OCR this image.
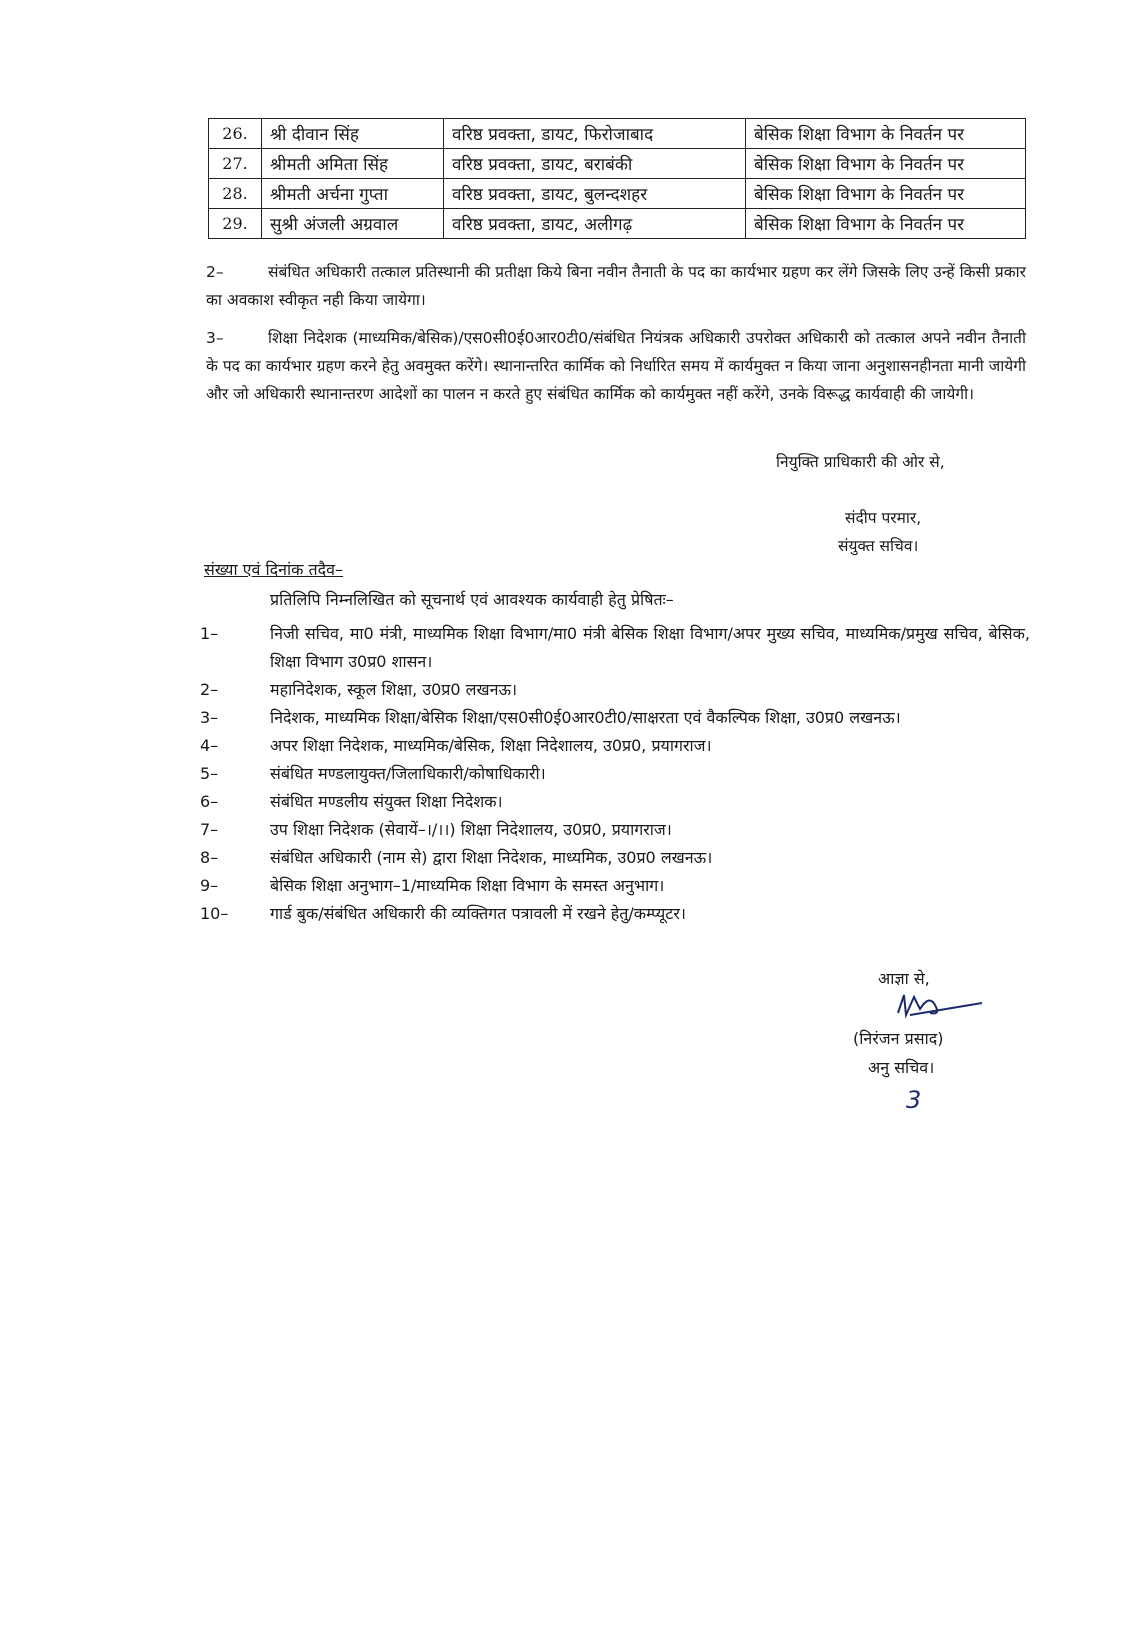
26.	श्री दीवान सिंह	वरिष्ठ प्रवक्ता, डायट, फिरोजाबाद	बेसिक शिक्षा विभाग के निवर्तन पर
27.	श्रीमती अमिता सिंह	वरिष्ठ प्रवक्ता, डायट, बराबंकी	बेसिक शिक्षा विभाग के निवर्तन पर
28.	श्रीमती अर्चना गुप्ता	वरिष्ठ प्रवक्ता, डायट, बुलन्दशहर	बेसिक शिक्षा विभाग के निवर्तन पर
29.	सुश्री अंजली अग्रवाल	वरिष्ठ प्रवक्ता, डायट, अलीगढ़	बेसिक शिक्षा विभाग के निवर्तन पर
2–	संबंधित अधिकारी तत्काल प्रतिस्थानी की प्रतीक्षा किये बिना नवीन तैनाती के पद का कार्यभार ग्रहण कर लेंगे जिसके लिए उन्हें किसी प्रकार का अवकाश स्वीकृत नही किया जायेगा।
3–	शिक्षा निदेशक (माध्यमिक/बेसिक)/एस0सी0ई0आर0टी0/संबंधित नियंत्रक अधिकारी उपरोक्त अधिकारी को तत्काल अपने नवीन तैनाती के पद का कार्यभार ग्रहण करने हेतु अवमुक्त करेंगे। स्थानान्तरित कार्मिक को निर्धारित समय में कार्यमुक्त न किया जाना अनुशासनहीनता मानी जायेगी और जो अधिकारी स्थानान्तरण आदेशों का पालन न करते हुए संबंधित कार्मिक को कार्यमुक्त नहीं करेंगे, उनके विरूद्ध कार्यवाही की जायेगी।
नियुक्ति प्राधिकारी की ओर से,
संदीप परमार,
संयुक्त सचिव।
संख्या एवं दिनांक तदैव–
प्रतिलिपि निम्नलिखित को सूचनार्थ एवं आवश्यक कार्यवाही हेतु प्रेषितः–
1–	निजी सचिव, मा0 मंत्री, माध्यमिक शिक्षा विभाग/मा0 मंत्री बेसिक शिक्षा विभाग/अपर मुख्य सचिव, माध्यमिक/प्रमुख सचिव, बेसिक, शिक्षा विभाग उ0प्र0 शासन।
2–	महानिदेशक, स्कूल शिक्षा, उ0प्र0 लखनऊ।
3–	निदेशक, माध्यमिक शिक्षा/बेसिक शिक्षा/एस0सी0ई0आर0टी0/साक्षरता एवं वैकल्पिक शिक्षा, उ0प्र0 लखनऊ।
4–	अपर शिक्षा निदेशक, माध्यमिक/बेसिक, शिक्षा निदेशालय, उ0प्र0, प्रयागराज।
5–	संबंधित मण्डलायुक्त/जिलाधिकारी/कोषाधिकारी।
6–	संबंधित मण्डलीय संयुक्त शिक्षा निदेशक।
7–	उप शिक्षा निदेशक (सेवायें–।/।।) शिक्षा निदेशालय, उ0प्र0, प्रयागराज।
8–	संबंधित अधिकारी (नाम से) द्वारा शिक्षा निदेशक, माध्यमिक, उ0प्र0 लखनऊ।
9–	बेसिक शिक्षा अनुभाग–1/माध्यमिक शिक्षा विभाग के समस्त अनुभाग।
10–	गार्ड बुक/संबंधित अधिकारी की व्यक्तिगत पत्रावली में रखने हेतु/कम्प्यूटर।
आज्ञा से,
(निरंजन प्रसाद)
अनु सचिव।
3
